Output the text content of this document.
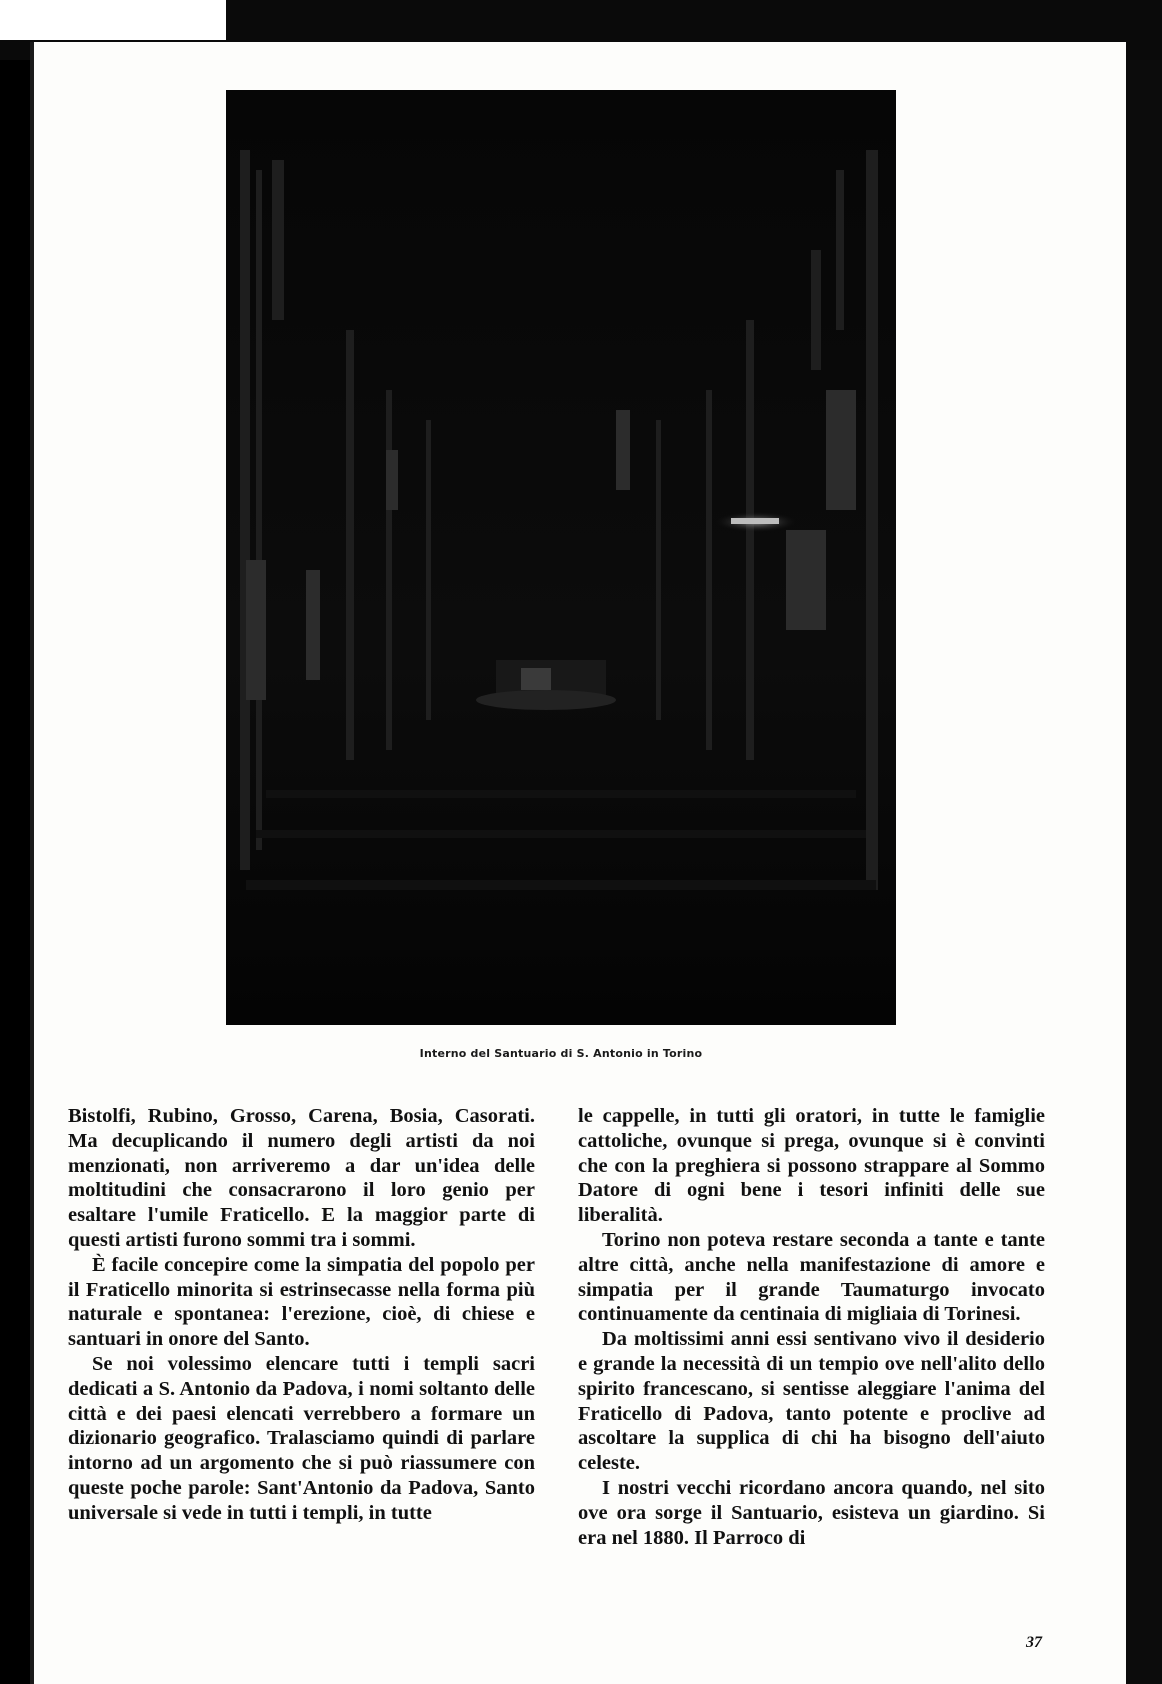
Interno del Santuario di S. Antonio in Torino

Bistolfi, Rubino, Grosso, Carena, Bosia, Casorati. Ma decuplicando il numero degli artisti da noi menzionati, non arriveremo a dar un'idea delle moltitudini che consacrarono il loro genio per esaltare l'umile Fraticello. E la maggior parte di questi artisti furono sommi tra i sommi.

È facile concepire come la simpatia del popolo per il Fraticello minorita si estrinsecasse nella forma più naturale e spontanea: l'erezione, cioè, di chiese e santuari in onore del Santo.

Se noi volessimo elencare tutti i templi sacri dedicati a S. Antonio da Padova, i nomi soltanto delle città e dei paesi elencati verrebbero a formare un dizionario geografico. Tralasciamo quindi di parlare intorno ad un argomento che si può riassumere con queste poche parole: Sant'Antonio da Padova, Santo universale si vede in tutti i templi, in tutte

le cappelle, in tutti gli oratori, in tutte le famiglie cattoliche, ovunque si prega, ovunque si è convinti che con la preghiera si possono strappare al Sommo Datore di ogni bene i tesori infiniti delle sue liberalità.

Torino non poteva restare seconda a tante e tante altre città, anche nella manifestazione di amore e simpatia per il grande Taumaturgo invocato continuamente da centinaia di migliaia di Torinesi.

Da moltissimi anni essi sentivano vivo il desiderio e grande la necessità di un tempio ove nell'alito dello spirito francescano, si sentisse aleggiare l'anima del Fraticello di Padova, tanto potente e proclive ad ascoltare la supplica di chi ha bisogno dell'aiuto celeste.

I nostri vecchi ricordano ancora quando, nel sito ove ora sorge il Santuario, esisteva un giardino. Si era nel 1880. Il Parroco di

37
